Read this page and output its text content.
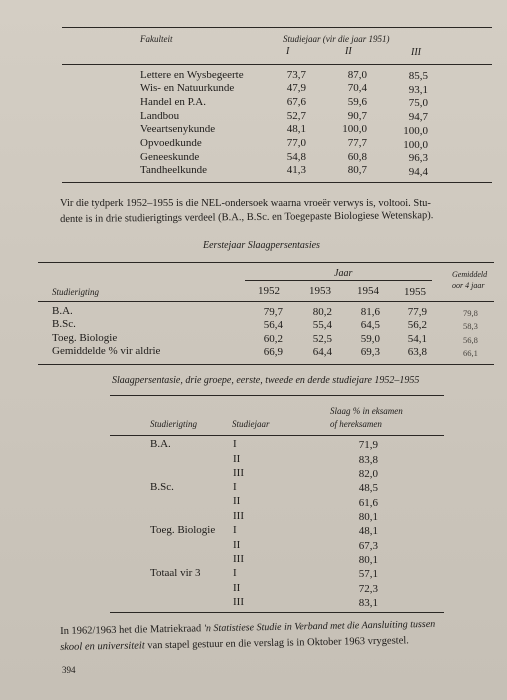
Fakulteit	Studiejaar (vir die jaar 1951)
I	II	III
Lettere en Wysbegeerte	73,7	87,0	85,5
Wis- en Natuurkunde	47,9	70,4	93,1
Handel en P.A.	67,6	59,6	75,0
Landbou	52,7	90,7	94,7
Veeartsenykunde	48,1	100,0	100,0
Opvoedkunde	77,0	77,7	100,0
Geneeskunde	54,8	60,8	96,3
Tandheelkunde	41,3	80,7	94,4
Vir die tydperk 1952–1955 is die NEL-ondersoek waarna vroeër verwys is, voltooi. Stu-
dente is in drie studierigtings verdeel (B.A., B.Sc. en Toegepaste Biologiese Wetenskap).
Eerstejaar Slaagpersentasies
Jaar	Gemiddeld
oor 4 jaar
Studierigting	1952	1953 1954 1955
B.A.	79,7	80,2	81,6	77,9	79,8
B.Sc.	56,4	55,4	64,5	56,2	58,3
Toeg. Biologie	60,2	52,5	59,0	54,1	56,8
Gemiddelde % vir aldrie	66,9	64,4	69,3	63,8	66,1
Slaagpersentasie, drie groepe, eerste, tweede en derde studiejare 1952–1955
Slaag % in eksamen
of hereksamen
Studierigting	Studiejaar
B.A.	I	71,9
II	83,8
III	82,0
B.Sc.	I	48,5
II	61,6
III	80,1
Toeg. Biologie I	48,1
II	67,3
III	80,1
Totaal vir 3	I	57,1
II	72,3
III	83,1
In 1962/1963 het die Matriekraad 'n Statistiese Studie in Verband met die Aansluiting tussen
skool en universiteit van stapel gestuur en die verslag is in Oktober 1963 vrygestel.
394
